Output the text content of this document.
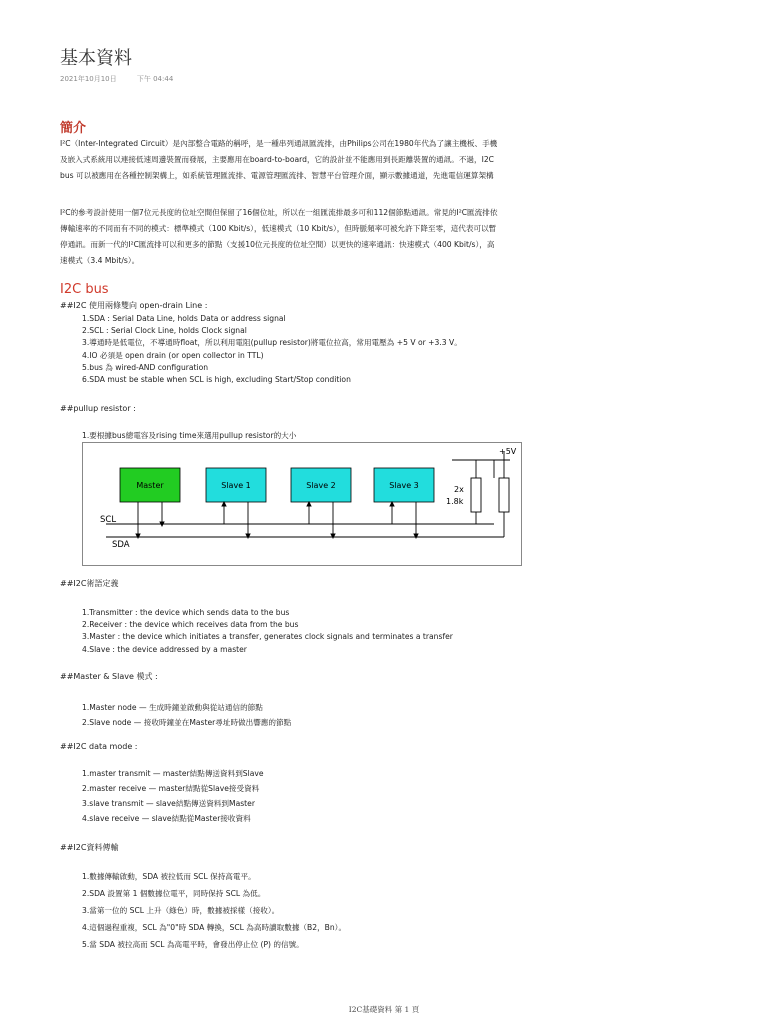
基本資料
2021年10月10日	下午 04:44
簡介
I²C（Inter-Integrated Circuit）是內部整合電路的稱呼，是一種串列通訊匯流排，由Philips公司在1980年代為了讓主機板、手機及嵌入式系統用以連接低速周邊裝置而發展，主要應用在board-to-board，它的設計並不能應用到長距離裝置的通訊。不過，I2C bus 可以被應用在各種控制架構上，如系統管理匯流排、電源管理匯流排、智慧平台管理介面，顯示數據通道，先進電信運算架構
I²C的參考設計使用一個7位元長度的位址空間但保留了16個位址，所以在一組匯流排最多可和112個節點通訊。常見的I²C匯流排依傳輸速率的不同而有不同的模式：標準模式（100 Kbit/s），低速模式（10 Kbit/s），但時脈頻率可被允許下降至零，這代表可以暫停通訊。而新一代的I²C匯流排可以和更多的節點（支援10位元長度的位址空間）以更快的速率通訊：快速模式（400 Kbit/s），高速模式（3.4 Mbit/s）。
I2C bus
##I2C 使用兩條雙向 open-drain Line :
1.SDA : Serial Data Line, holds Data or address signal
2.SCL : Serial Clock Line, holds Clock signal
3.導通時是低電位，不導通時float，所以利用電阻(pullup resistor)將電位拉高，常用電壓為 +5 V or +3.3 V。
4.IO 必須是 open drain (or open collector in TTL)
5.bus 為 wired-AND configuration
6.SDA must be stable when SCL is high, excluding Start/Stop condition
##pullup resistor :
1.要根據bus總電容及rising time來選用pullup resistor的大小
SCL
SDA
Master	Slave 1	Slave 2	Slave 3
+5V
2x
1.8k
##I2C術語定義
1.Transmitter : the device which sends data to the bus
2.Receiver : the device which receives data from the bus
3.Master : the device which initiates a transfer, generates clock signals and terminates a transfer
4.Slave : the device addressed by a master
##Master & Slave 模式 :
1.Master node — 生成時鐘並啟動與從站通信的節點
2.Slave node — 接收時鐘並在Master尋址時做出響應的節點
##I2C data mode :
1.master transmit — master結點傳送資料到Slave
2.master receive — master結點從Slave接受資料
3.slave transmit — slave結點傳送資料到Master
4.slave receive — slave結點從Master接收資料
##I2C資料傳輸
1.數據傳輸啟動，SDA 被拉低而 SCL 保持高電平。
2.SDA 設置第 1 個數據位電平，同時保持 SCL 為低。
3.當第一位的 SCL 上升（綠色）時，數據被採樣（接收）。
4.這個過程重複，SCL 為"0"時 SDA 轉換，SCL 為高時讀取數據（B2，Bn）。
5.當 SDA 被拉高而 SCL 為高電平時，會發出停止位 (P) 的信號。
I2C基礎資料 第 1 頁
